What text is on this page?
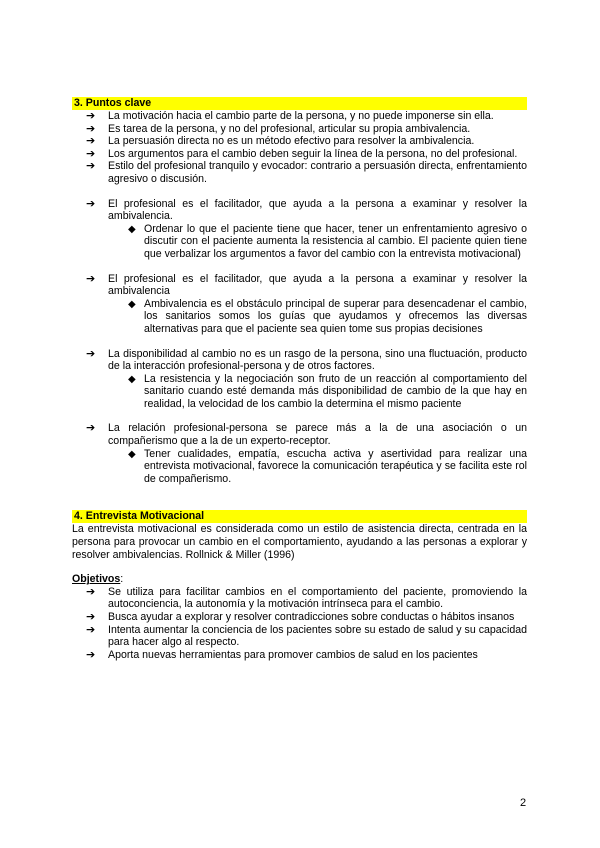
3. Puntos clave
➔ La motivación hacia el cambio parte de la persona, y no puede imponerse sin ella.
➔ Es tarea de la persona, y no del profesional, articular su propia ambivalencia.
➔ La persuasión directa no es un método efectivo para resolver la ambivalencia.
➔ Los argumentos para el cambio deben seguir la línea de la persona, no del profesional.
➔ Estilo del profesional tranquilo y evocador: contrario a persuasión directa, enfrentamiento agresivo o discusión.
➔ El profesional es el facilitador, que ayuda a la persona a examinar y resolver la ambivalencia.
◆ Ordenar lo que el paciente tiene que hacer, tener un enfrentamiento agresivo o discutir con el paciente aumenta la resistencia al cambio. El paciente quien tiene que verbalizar los argumentos a favor del cambio con la entrevista motivacional)
➔ El profesional es el facilitador, que ayuda a la persona a examinar y resolver la ambivalencia
◆ Ambivalencia es el obstáculo principal de superar para desencadenar el cambio, los sanitarios somos los guías que ayudamos y ofrecemos las diversas alternativas para que el paciente sea quien tome sus propias decisiones
➔ La disponibilidad al cambio no es un rasgo de la persona, sino una fluctuación, producto de la interacción profesional-persona y de otros factores.
◆ La resistencia y la negociación son fruto de un reacción al comportamiento del sanitario cuando esté demanda más disponibilidad de cambio de la que hay en realidad, la velocidad de los cambio la determina el mismo paciente
➔ La relación profesional-persona se parece más a la de una asociación o un compañerismo que a la de un experto-receptor.
◆ Tener cualidades, empatía, escucha activa y asertividad para realizar una entrevista motivacional, favorece la comunicación terapéutica y se facilita este rol de compañerismo.
4. Entrevista Motivacional

La entrevista motivacional es considerada como un estilo de asistencia directa, centrada en la persona para provocar un cambio en el comportamiento, ayudando a las personas a explorar y resolver ambivalencias. Rollnick & Miller (1996)

Objetivos:
➔ Se utiliza para facilitar cambios en el comportamiento del paciente, promoviendo la autoconciencia, la autonomía y la motivación intrínseca para el cambio.
➔ Busca ayudar a explorar y resolver contradicciones sobre conductas o hábitos insanos
➔ Intenta aumentar la conciencia de los pacientes sobre su estado de salud y su capacidad para hacer algo al respecto.
➔ Aporta nuevas herramientas para promover cambios de salud en los pacientes
2
